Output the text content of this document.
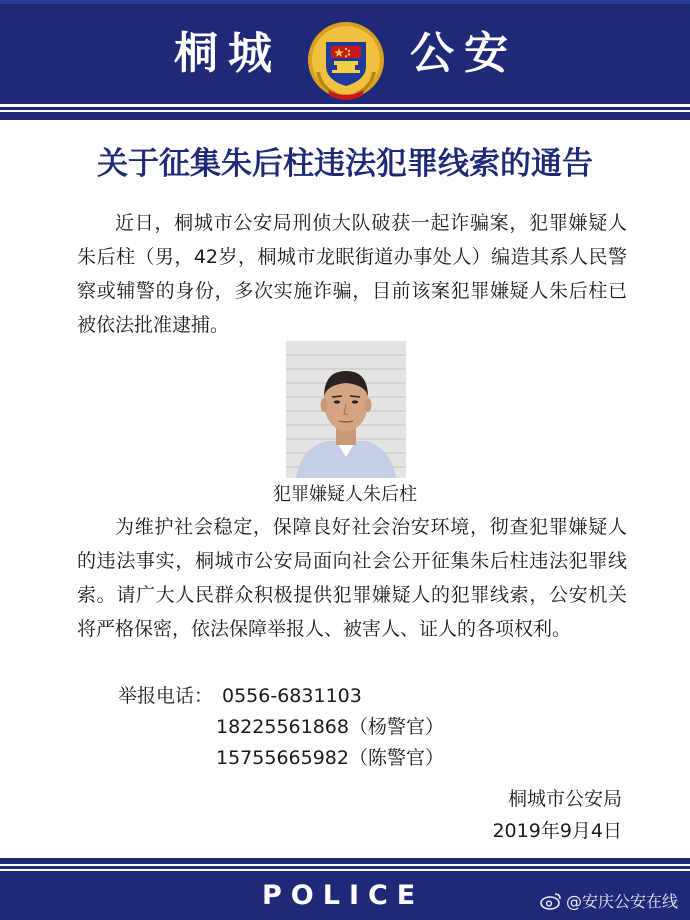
桐城	公安
关于征集朱后柱违法犯罪线索的通告

近日，桐城市公安局刑侦大队破获一起诈骗案，犯罪嫌疑人朱后柱（男，42岁，桐城市龙眠街道办事处人）编造其系人民警察或辅警的身份，多次实施诈骗，目前该案犯罪嫌疑人朱后柱已被依法批准逮捕。

犯罪嫌疑人朱后柱

为维护社会稳定，保障良好社会治安环境，彻查犯罪嫌疑人的违法事实，桐城市公安局面向社会公开征集朱后柱违法犯罪线索。请广大人民群众积极提供犯罪嫌疑人的犯罪线索，公安机关将严格保密，依法保障举报人、被害人、证人的各项权利。

举报电话： 0556-6831103
18225561868（杨警官）
15755665982（陈警官）
桐城市公安局
2019年9月4日
POLICE	@安庆公安在线
